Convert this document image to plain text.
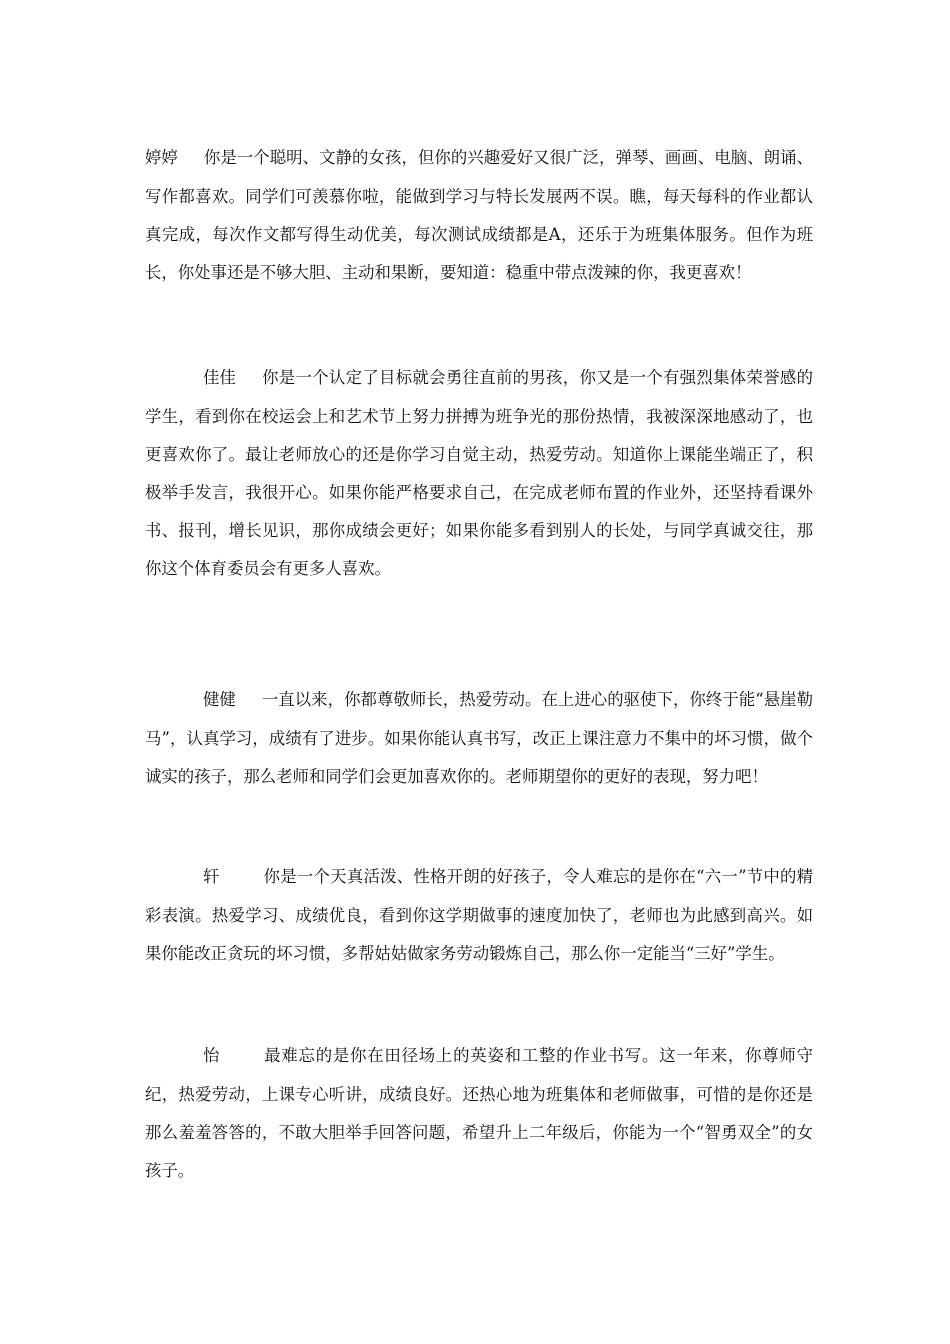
婷婷 你是一个聪明、文静的女孩，但你的兴趣爱好又很广泛，弹琴、画画、电脑、朗诵、写作都喜欢。同学们可羡慕你啦，能做到学习与特长发展两不误。瞧，每天每科的作业都认真完成，每次作文都写得生动优美，每次测试成绩都是A，还乐于为班集体服务。但作为班长，你处事还是不够大胆、主动和果断，要知道：稳重中带点泼辣的你，我更喜欢！

佳佳 你是一个认定了目标就会勇往直前的男孩，你又是一个有强烈集体荣誉感的学生，看到你在校运会上和艺术节上努力拼搏为班争光的那份热情，我被深深地感动了，也更喜欢你了。最让老师放心的还是你学习自觉主动，热爱劳动。知道你上课能坐端正了，积极举手发言，我很开心。如果你能严格要求自己，在完成老师布置的作业外，还坚持看课外书、报刊，增长见识，那你成绩会更好；如果你能多看到别人的长处，与同学真诚交往，那你这个体育委员会有更多人喜欢。

健健 一直以来，你都尊敬师长，热爱劳动。在上进心的驱使下，你终于能“悬崖勒马”，认真学习，成绩有了进步。如果你能认真书写，改正上课注意力不集中的坏习惯，做个诚实的孩子，那么老师和同学们会更加喜欢你的。老师期望你的更好的表现，努力吧！

轩	你是一个天真活泼、性格开朗的好孩子，令人难忘的是你在“六一”节中的精彩表演。热爱学习、成绩优良，看到你这学期做事的速度加快了，老师也为此感到高兴。如果你能改正贪玩的坏习惯，多帮姑姑做家务劳动锻炼自己，那么你一定能当“三好”学生。

怡	最难忘的是你在田径场上的英姿和工整的作业书写。这一年来，你尊师守纪，热爱劳动，上课专心听讲，成绩良好。还热心地为班集体和老师做事，可惜的是你还是那么羞羞答答的，不敢大胆举手回答问题，希望升上二年级后，你能为一个“智勇双全”的女孩子。
